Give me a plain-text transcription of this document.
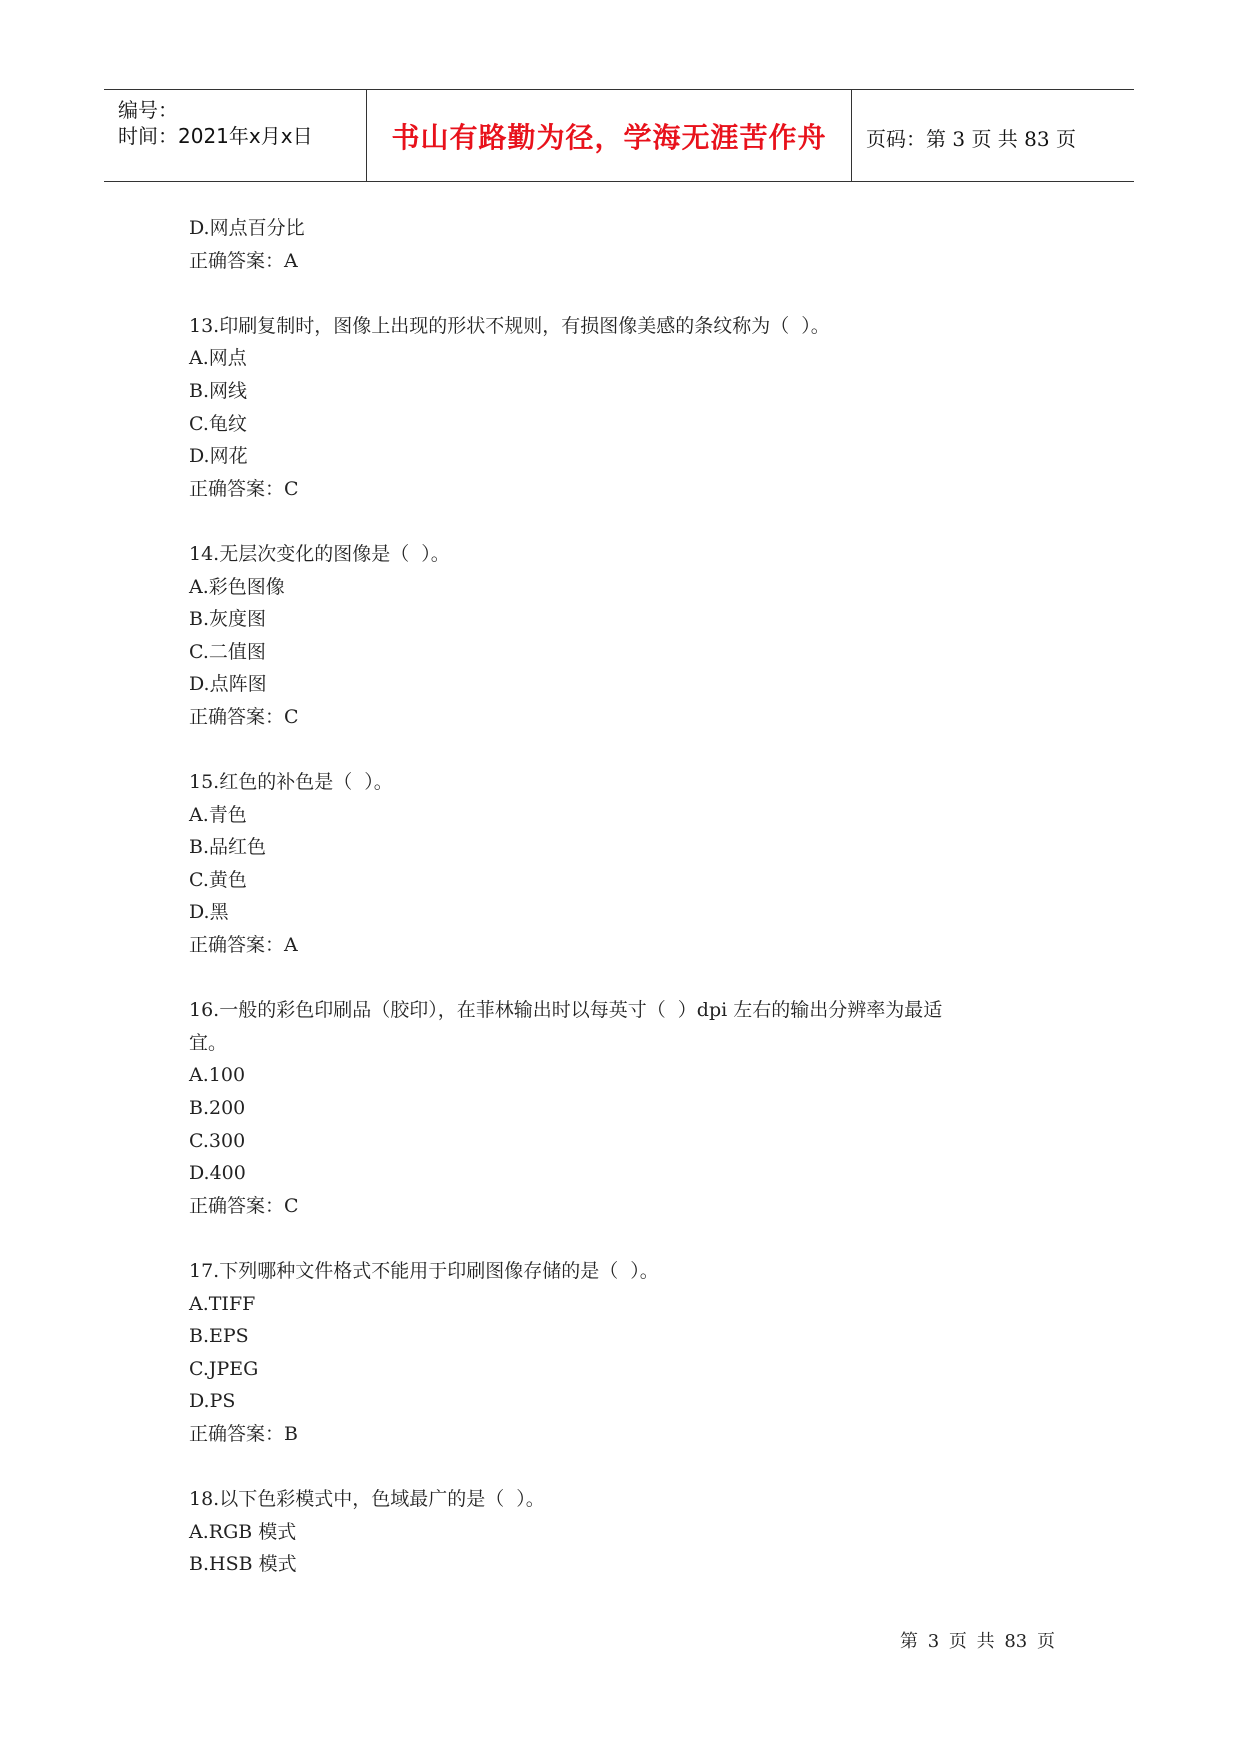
编号：
时间：2021年x月x日	书山有路勤为径，学海无涯苦作舟	页码：第 3 页 共 83 页
D.网点百分比
正确答案：A
13.印刷复制时，图像上出现的形状不规则，有损图像美感的条纹称为（  ）。
A.网点
B.网线
C.龟纹
D.网花
正确答案：C
14.无层次变化的图像是（  ）。
A.彩色图像
B.灰度图
C.二值图
D.点阵图
正确答案：C
15.红色的补色是（  ）。
A.青色
B.品红色
C.黄色
D.黑
正确答案：A
16.一般的彩色印刷品（胶印），在菲林输出时以每英寸（  ）dpi 左右的输出分辨率为最适
宜。
A.100
B.200
C.300
D.400
正确答案：C
17.下列哪种文件格式不能用于印刷图像存储的是（  ）。
A.TIFF
B.EPS
C.JPEG
D.PS
正确答案：B
18.以下色彩模式中，色域最广的是（  ）。
A.RGB 模式
B.HSB 模式
第 3 页 共 83 页
